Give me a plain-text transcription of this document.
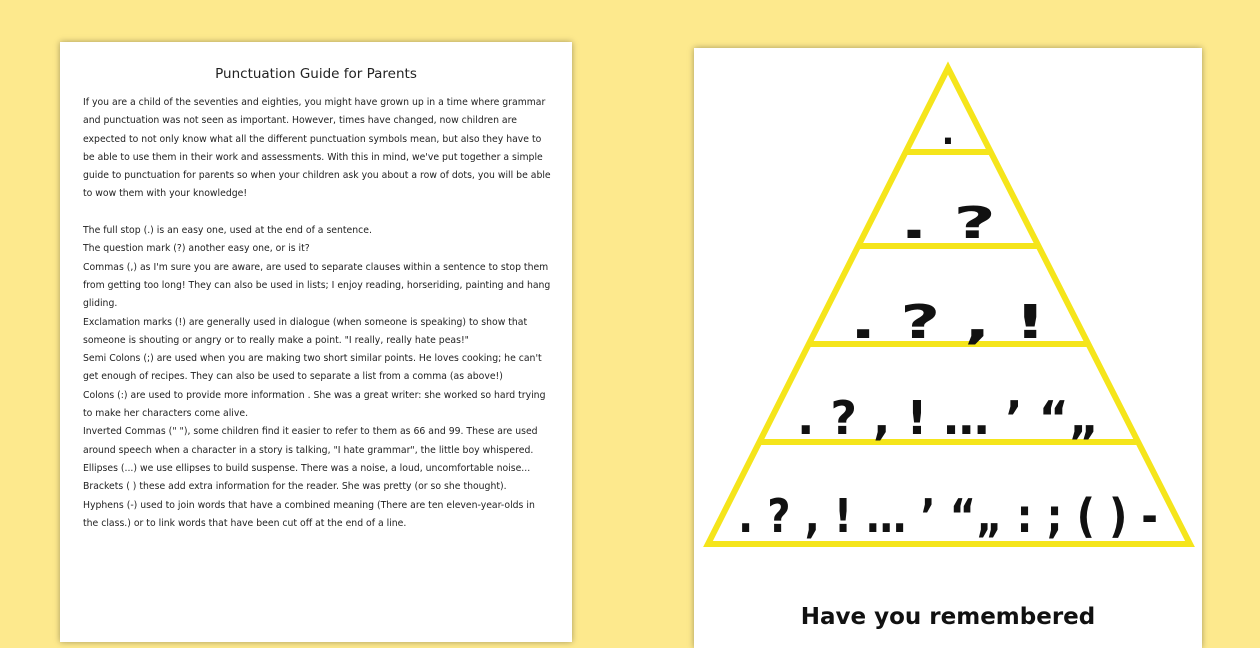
Punctuation Guide for Parents

If you are a child of the seventies and eighties, you might have grown up in a time where grammar and punctuation was not seen as important. However, times have changed, now children are expected to not only know what all the different punctuation symbols mean, but also they have to be able to use them in their work and assessments. With this in mind, we've put together a simple guide to punctuation for parents so when your children ask you about a row of dots, you will be able to wow them with your knowledge!

The full stop (.) is an easy one, used at the end of a sentence.

The question mark (?) another easy one, or is it?

Commas (,) as I'm sure you are aware, are used to separate clauses within a sentence to stop them from getting too long! They can also be used in lists; I enjoy reading, horseriding, painting and hang gliding.

Exclamation marks (!) are generally used in dialogue (when someone is speaking) to show that someone is shouting or angry or to really make a point. "I really, really hate peas!"

Semi Colons (;) are used when you are making two short similar points. He loves cooking; he can't get enough of recipes. They can also be used to separate a list from a comma (as above!)

Colons (:) are used to provide more information . She was a great writer: she worked so hard trying to make her characters come alive.

Inverted Commas (" "), some children find it easier to refer to them as 66 and 99. These are used around speech when a character in a story is talking, "I hate grammar", the little boy whispered.

Ellipses (...) we use ellipses to build suspense. There was a noise, a loud, uncomfortable noise...

Brackets ( ) these add extra information for the reader. She was pretty (or so she thought).

Hyphens (-) used to join words that have a combined meaning (There are ten eleven-year-olds in the class.) or to link words that have been cut off at the end of a line.

.
. ?
. ? , !
. ? , ! … ’ “„
. ? , ! … ’ “„ : ; ( ) -
Have you remembered
